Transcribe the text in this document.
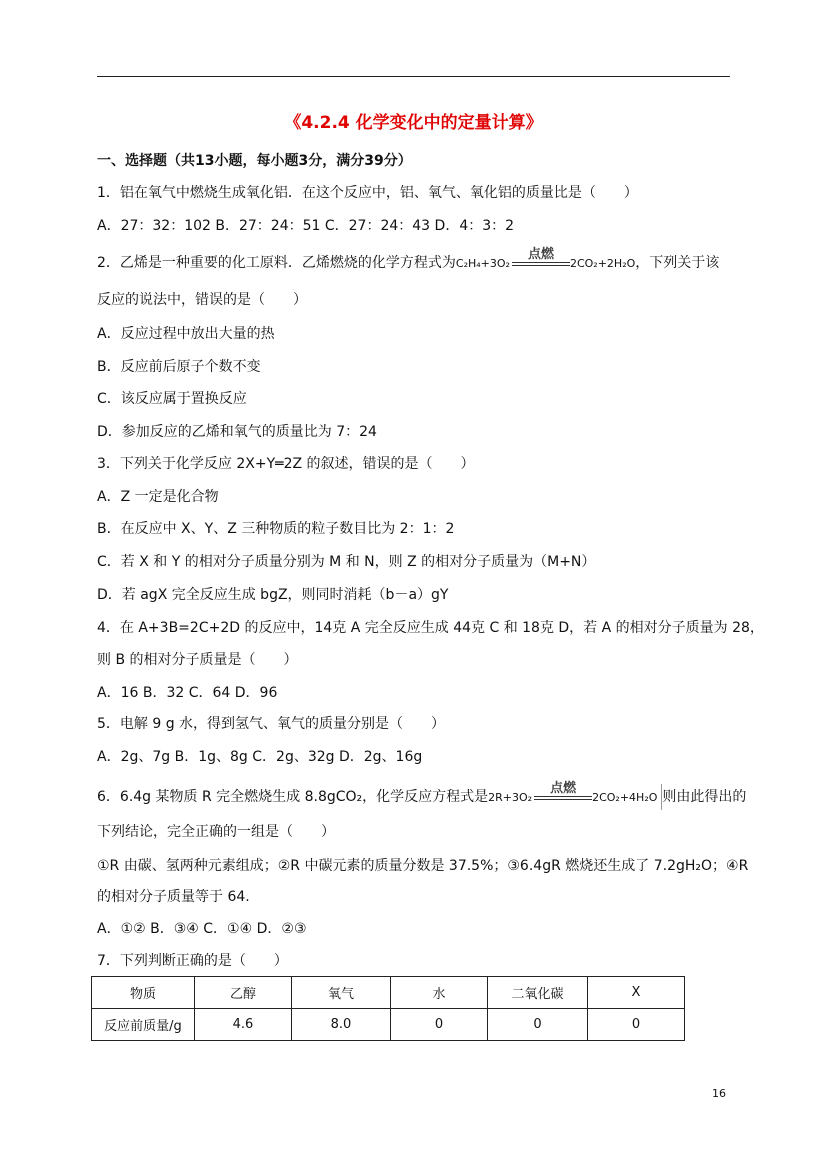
《4.2.4 化学变化中的定量计算》
一、选择题（共13小题，每小题3分，满分39分）
1．铝在氧气中燃烧生成氧化铝．在这个反应中，铝、氧气、氧化铝的质量比是（　　）
A．27：32：102 B．27：24：51 C．27：24：43 D．4：3：2
2．乙烯是一种重要的化工原料．乙烯燃烧的化学方程式为 C₂H₄+3O₂
点燃
2CO₂+2H₂O ，下列关于该
反应的说法中，错误的是（　　）
A．反应过程中放出大量的热
B．反应前后原子个数不变
C．该反应属于置换反应
D．参加反应的乙烯和氧气的质量比为 7：24
3．下列关于化学反应 2X+Y═2Z 的叙述，错误的是（　　）
A．Z 一定是化合物
B．在反应中 X、Y、Z 三种物质的粒子数目比为 2：1：2
C．若 X 和 Y 的相对分子质量分别为 M 和 N，则 Z 的相对分子质量为（M+N）
D．若 agX 完全反应生成 bgZ，则同时消耗（b－a）gY
4．在 A+3B=2C+2D 的反应中，14克 A 完全反应生成 44克 C 和 18克 D，若 A 的相对分子质量为 28，
则 B 的相对分子质量是（　　）
A．16 B．32 C．64 D．96
5．电解 9 g 水，得到氢气、氧气的质量分别是（　　）
A．2g、7g B．1g、8g C．2g、32g D．2g、16g
6．6.4g 某物质 R 完全燃烧生成 8.8gCO₂，化学反应方程式是 2R+3O₂
点燃
2CO₂+4H₂O 则由此得出的
下列结论，完全正确的一组是（　　）
①R 由碳、氢两种元素组成；②R 中碳元素的质量分数是 37.5%；③6.4gR 燃烧还生成了 7.2gH₂O；④R
的相对分子质量等于 64.
A．①② B．③④ C．①④ D．②③
7．下列判断正确的是（　　）
物质	乙醇	氧气	水	二氧化碳	X
反应前质量/g	4.6	8.0	0	0	0
16
